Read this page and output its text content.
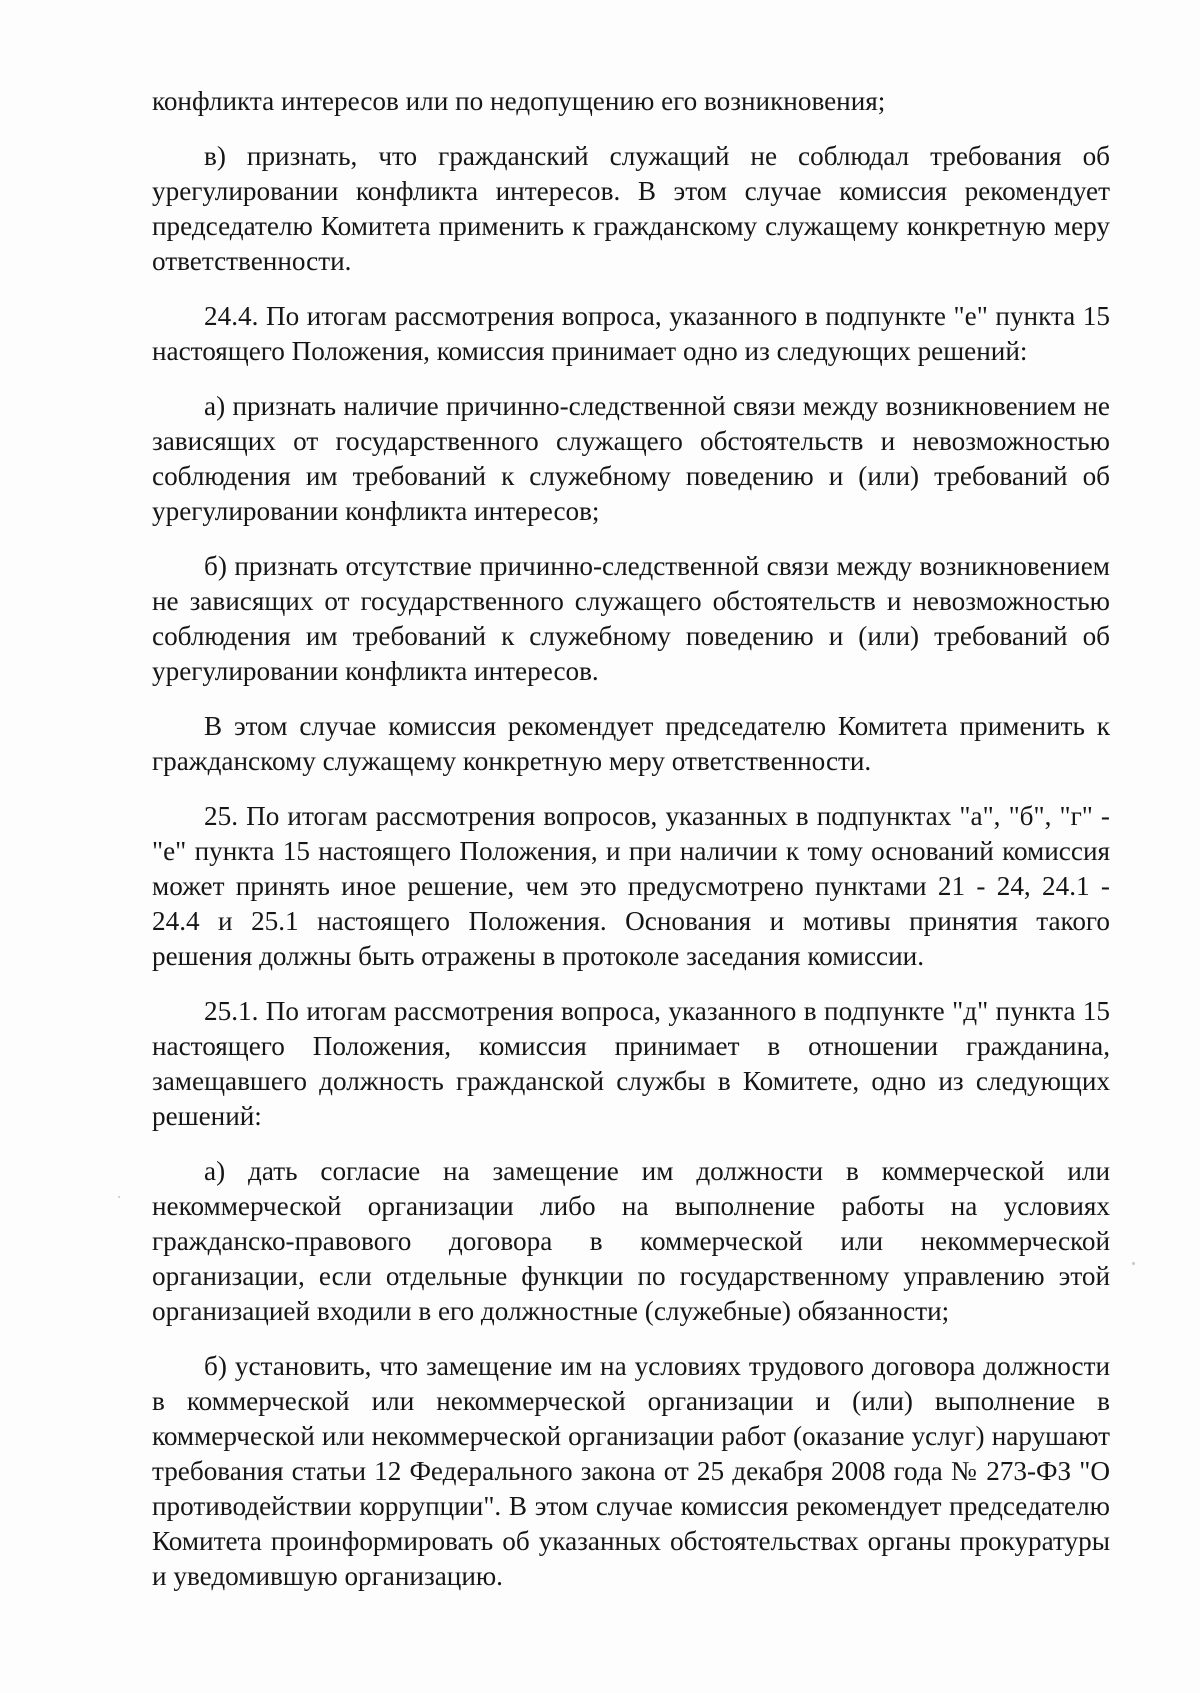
конфликта интересов или по недопущению его возникновения;

в) признать, что гражданский служащий не соблюдал требования об урегулировании конфликта интересов. В этом случае комиссия рекомендует председателю Комитета применить к гражданскому служащему конкретную меру ответственности.

24.4. По итогам рассмотрения вопроса, указанного в подпункте "е" пункта 15 настоящего Положения, комиссия принимает одно из следующих решений:

а) признать наличие причинно-следственной связи между возникновением не зависящих от государственного служащего обстоятельств и невозможностью соблюдения им требований к служебному поведению и (или) требований об урегулировании конфликта интересов;

б) признать отсутствие причинно-следственной связи между возникновением не зависящих от государственного служащего обстоятельств и невозможностью соблюдения им требований к служебному поведению и (или) требований об урегулировании конфликта интересов.

В этом случае комиссия рекомендует председателю Комитета применить к гражданскому служащему конкретную меру ответственности.

25. По итогам рассмотрения вопросов, указанных в подпунктах "а", "б", "г" - "е" пункта 15 настоящего Положения, и при наличии к тому оснований комиссия может принять иное решение, чем это предусмотрено пунктами 21 - 24, 24.1 - 24.4 и 25.1 настоящего Положения. Основания и мотивы принятия такого решения должны быть отражены в протоколе заседания комиссии.

25.1. По итогам рассмотрения вопроса, указанного в подпункте "д" пункта 15 настоящего Положения, комиссия принимает в отношении гражданина, замещавшего должность гражданской службы в Комитете, одно из следующих решений:

а) дать согласие на замещение им должности в коммерческой или некоммерческой организации либо на выполнение работы на условиях гражданско-правового договора в коммерческой или некоммерческой организации, если отдельные функции по государственному управлению этой организацией входили в его должностные (служебные) обязанности;

б) установить, что замещение им на условиях трудового договора должности в коммерческой или некоммерческой организации и (или) выполнение в коммерческой или некоммерческой организации работ (оказание услуг) нарушают требования статьи 12 Федерального закона от 25 декабря 2008 года № 273-ФЗ "О противодействии коррупции". В этом случае комиссия рекомендует председателю Комитета проинформировать об указанных обстоятельствах органы прокуратуры и уведомившую организацию.
